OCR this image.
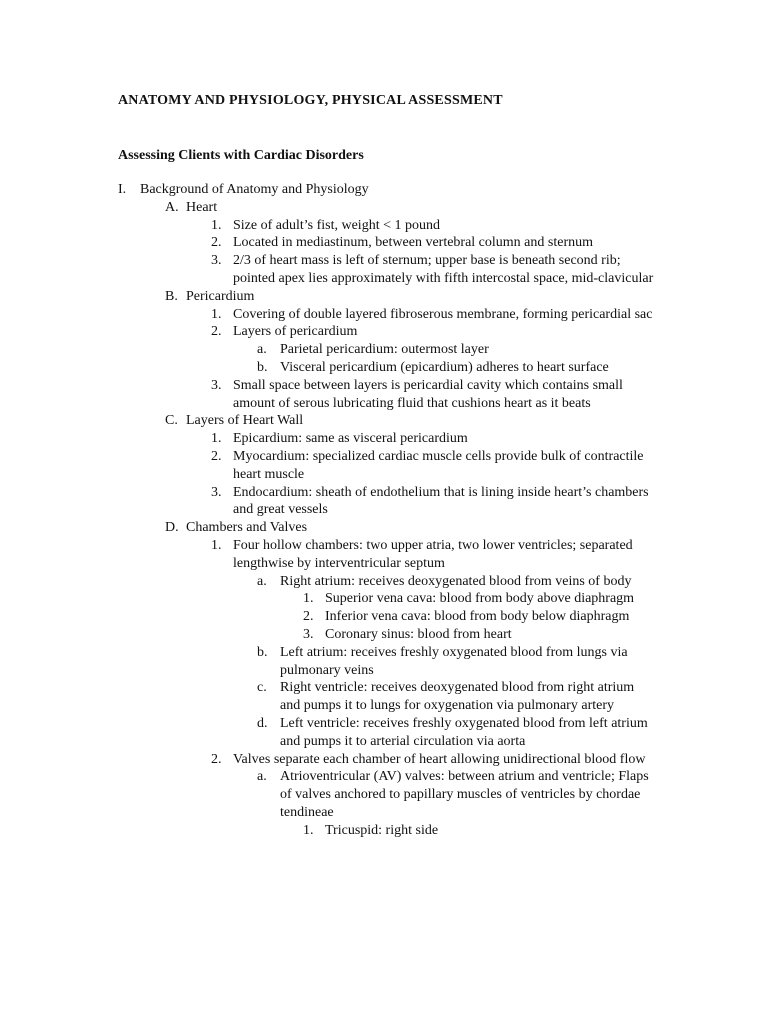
ANATOMY AND PHYSIOLOGY, PHYSICAL ASSESSMENT
Assessing Clients with Cardiac Disorders
I. Background of Anatomy and Physiology
A. Heart
1. Size of adult’s fist, weight < 1 pound
2. Located in mediastinum, between vertebral column and sternum
3. 2/3 of heart mass is left of sternum; upper base is beneath second rib; pointed apex lies approximately with fifth intercostal space, mid-clavicular
B. Pericardium
1. Covering of double layered fibroserous membrane, forming pericardial sac
2. Layers of pericardium
a. Parietal pericardium: outermost layer
b. Visceral pericardium (epicardium) adheres to heart surface
3. Small space between layers is pericardial cavity which contains small amount of serous lubricating fluid that cushions heart as it beats
C. Layers of Heart Wall
1. Epicardium: same as visceral pericardium
2. Myocardium: specialized cardiac muscle cells provide bulk of contractile heart muscle
3. Endocardium: sheath of endothelium that is lining inside heart’s chambers and great vessels
D. Chambers and Valves
1. Four hollow chambers: two upper atria, two lower ventricles; separated lengthwise by interventricular septum
a. Right atrium: receives deoxygenated blood from veins of body
1. Superior vena cava: blood from body above diaphragm
2. Inferior vena cava: blood from body below diaphragm
3. Coronary sinus: blood from heart
b. Left atrium: receives freshly oxygenated blood from lungs via pulmonary veins
c. Right ventricle: receives deoxygenated blood from right atrium and pumps it to lungs for oxygenation via pulmonary artery
d. Left ventricle: receives freshly oxygenated blood from left atrium and pumps it to arterial circulation via aorta
2. Valves separate each chamber of heart allowing unidirectional blood flow
a. Atrioventricular (AV) valves: between atrium and ventricle; Flaps of valves anchored to papillary muscles of ventricles by chordae tendineae
1. Tricuspid: right side
